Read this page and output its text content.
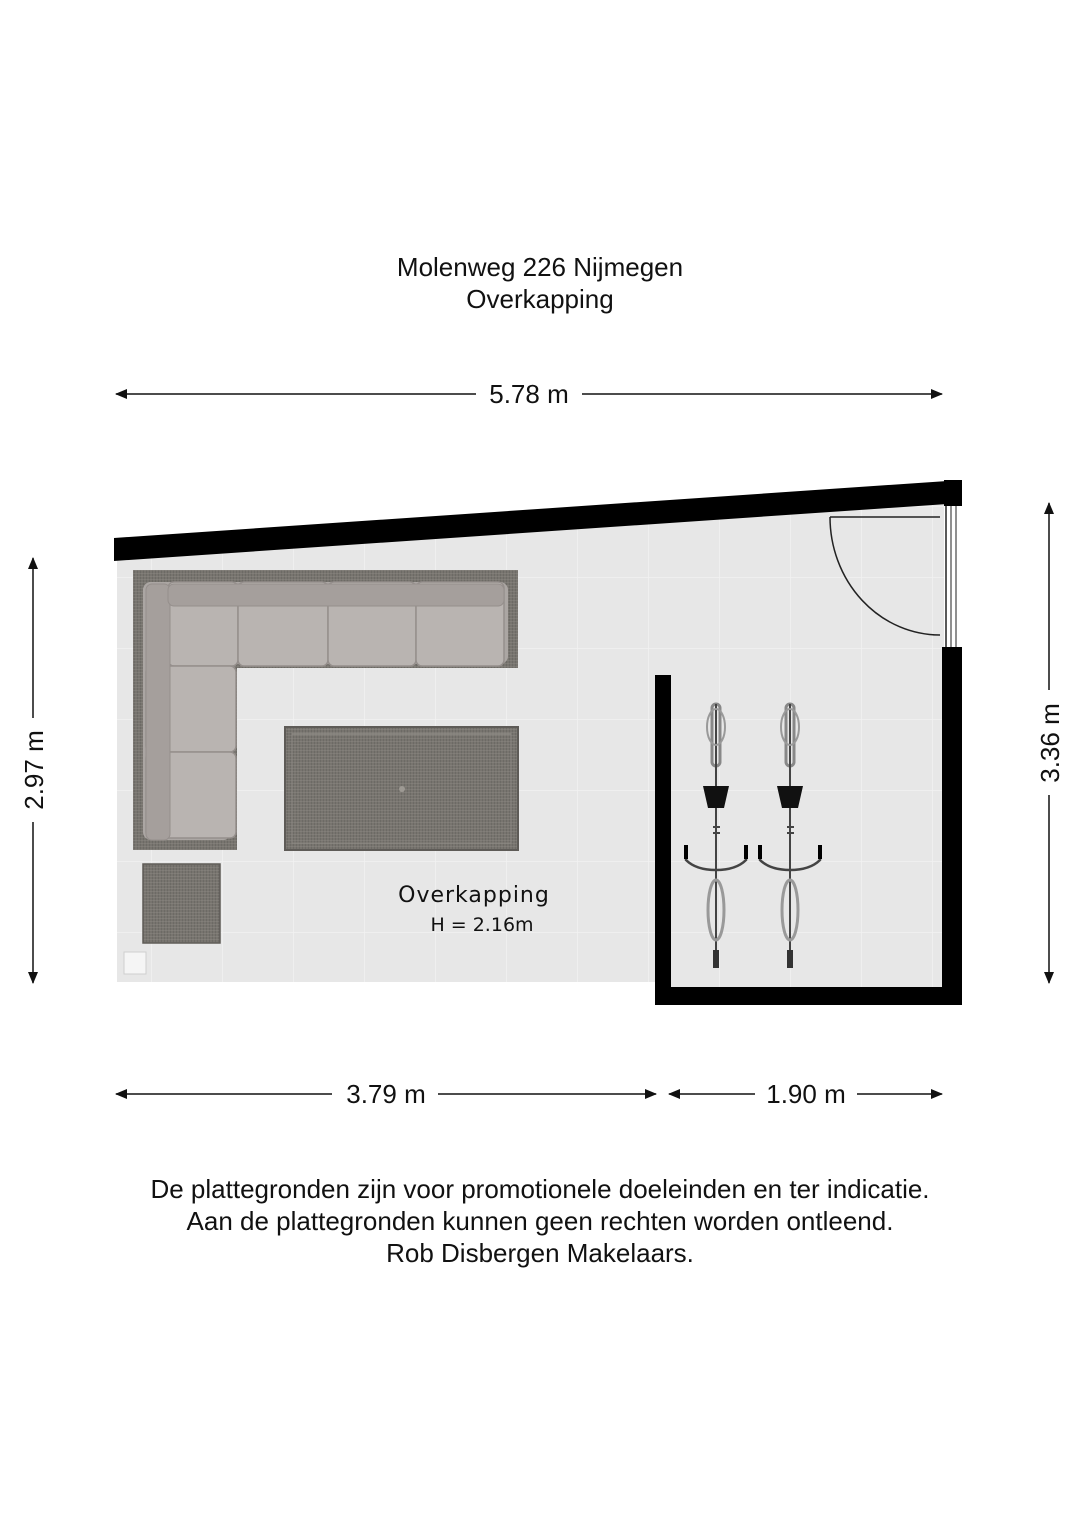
Molenweg 226 Nijmegen
Overkapping
Overkapping
H = 2.16m
5.78 m
2.97 m	3.36 m
3.79 m	1.90 m
De plattegronden zijn voor promotionele doeleinden en ter indicatie.
Aan de plattegronden kunnen geen rechten worden ontleend.
Rob Disbergen Makelaars.
